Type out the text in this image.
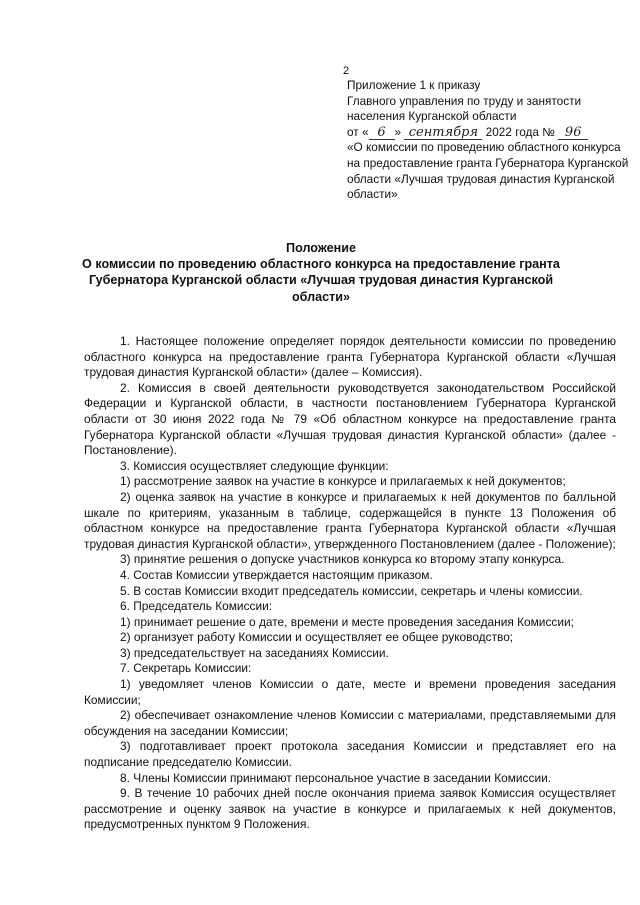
2
Приложение 1 к приказу
Главного управления по труду и занятости
населения Курганской области
от « 6 » сентября 2022 года № 96
«О комиссии по проведению областного конкурса на предоставление гранта Губернатора Курганской области «Лучшая трудовая династия Курганской области»
Положение
О комиссии по проведению областного конкурса на предоставление гранта Губернатора Курганской области «Лучшая трудовая династия Курганской области»

1. Настоящее положение определяет порядок деятельности комиссии по проведению областного конкурса на предоставление гранта Губернатора Курганской области «Лучшая трудовая династия Курганской области» (далее – Комиссия).

2. Комиссия в своей деятельности руководствуется законодательством Российской Федерации и Курганской области, в частности постановлением Губернатора Курганской области от 30 июня 2022 года № 79 «Об областном конкурсе на предоставление гранта Губернатора Курганской области «Лучшая трудовая династия Курганской области» (далее - Постановление).

3. Комиссия осуществляет следующие функции:

1) рассмотрение заявок на участие в конкурсе и прилагаемых к ней документов;

2) оценка заявок на участие в конкурсе и прилагаемых к ней документов по балльной шкале по критериям, указанным в таблице, содержащейся в пункте 13 Положения об областном конкурсе на предоставление гранта Губернатора Курганской области «Лучшая трудовая династия Курганской области», утвержденного Постановлением (далее - Положение);

3) принятие решения о допуске участников конкурса ко второму этапу конкурса.

4. Состав Комиссии утверждается настоящим приказом.

5. В состав Комиссии входит председатель комиссии, секретарь и члены комиссии.

6. Председатель Комиссии:

1) принимает решение о дате, времени и месте проведения заседания Комиссии;

2) организует работу Комиссии и осуществляет ее общее руководство;

3) председательствует на заседаниях Комиссии.

7. Секретарь Комиссии:

1) уведомляет членов Комиссии о дате, месте и времени проведения заседания Комиссии;

2) обеспечивает ознакомление членов Комиссии с материалами, представляемыми для обсуждения на заседании Комиссии;

3) подготавливает проект протокола заседания Комиссии и представляет его на подписание председателю Комиссии.

8. Члены Комиссии принимают персональное участие в заседании Комиссии.

9. В течение 10 рабочих дней после окончания приема заявок Комиссия осуществляет рассмотрение и оценку заявок на участие в конкурсе и прилагаемых к ней документов, предусмотренных пунктом 9 Положения.
